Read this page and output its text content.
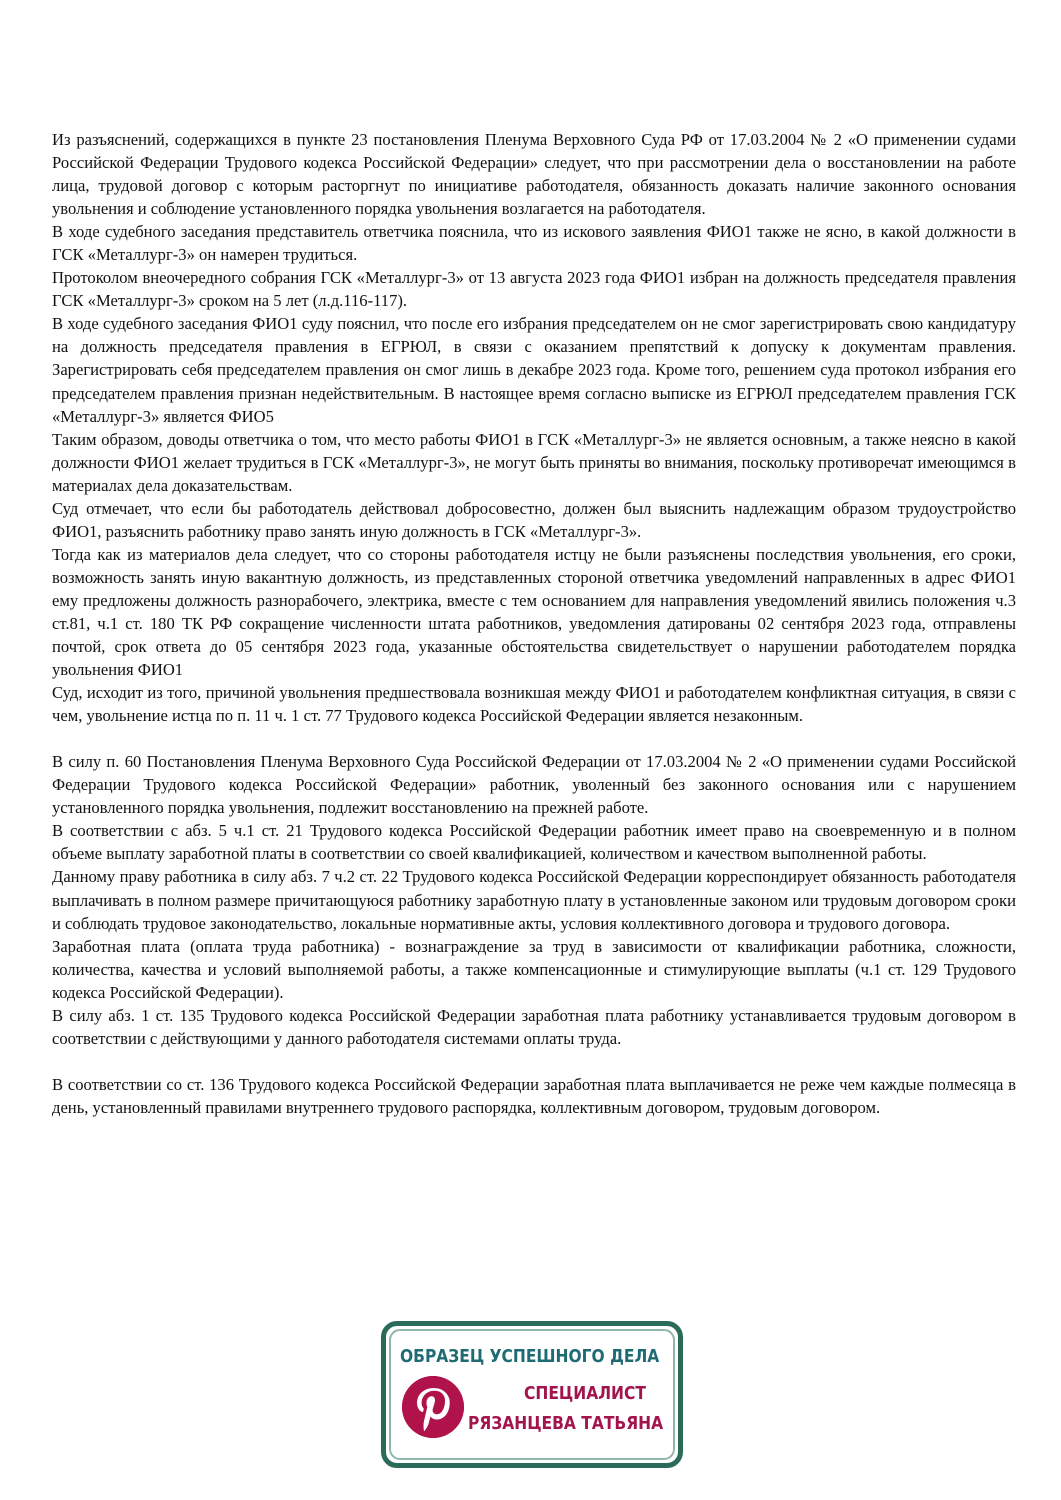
Из разъяснений, содержащихся в пункте 23 постановления Пленума Верховного Суда РФ от 17.03.2004 № 2 «О применении судами Российской Федерации Трудового кодекса Российской Федерации» следует, что при рассмотрении дела о восстановлении на работе лица, трудовой договор с которым расторгнут по инициативе работодателя, обязанность доказать наличие законного основания увольнения и соблюдение установленного порядка увольнения возлагается на работодателя.

В ходе судебного заседания представитель ответчика пояснила, что из искового заявления ФИО1 также не ясно, в какой должности в ГСК «Металлург-3» он намерен трудиться.

Протоколом внеочередного собрания ГСК «Металлург-3» от 13 августа 2023 года ФИО1 избран на должность председателя правления ГСК «Металлург-3» сроком на 5 лет (л.д.116-117).

В ходе судебного заседания ФИО1 суду пояснил, что после его избрания председателем он не смог зарегистрировать свою кандидатуру на должность председателя правления в ЕГРЮЛ, в связи с оказанием препятствий к допуску к документам правления. Зарегистрировать себя председателем правления он смог лишь в декабре 2023 года. Кроме того, решением суда протокол избрания его председателем правления признан недействительным. В настоящее время согласно выписке из ЕГРЮЛ председателем правления ГСК «Металлург-3» является ФИО5

Таким образом, доводы ответчика о том, что место работы ФИО1 в ГСК «Металлург-3» не является основным, а также неясно в какой должности ФИО1 желает трудиться в ГСК «Металлург-3», не могут быть приняты во внимания, поскольку противоречат имеющимся в материалах дела доказательствам.

Суд отмечает, что если бы работодатель действовал добросовестно, должен был выяснить надлежащим образом трудоустройство ФИО1, разъяснить работнику право занять иную должность в ГСК «Металлург-3».

Тогда как из материалов дела следует, что со стороны работодателя истцу не были разъяснены последствия увольнения, его сроки, возможность занять иную вакантную должность, из представленных стороной ответчика уведомлений направленных в адрес ФИО1 ему предложены должность разнорабочего, электрика, вместе с тем основанием для направления уведомлений явились положения ч.3 ст.81, ч.1 ст. 180 ТК РФ сокращение численности штата работников, уведомления датированы 02 сентября 2023 года, отправлены почтой, срок ответа до 05 сентября 2023 года, указанные обстоятельства свидетельствует о нарушении работодателем порядка увольнения ФИО1

Суд, исходит из того, причиной увольнения предшествовала возникшая между ФИО1 и работодателем конфликтная ситуация, в связи с чем, увольнение истца по п. 11 ч. 1 ст. 77 Трудового кодекса Российской Федерации является незаконным.

В силу п. 60 Постановления Пленума Верховного Суда Российской Федерации от 17.03.2004 № 2 «О применении судами Российской Федерации Трудового кодекса Российской Федерации» работник, уволенный без законного основания или с нарушением установленного порядка увольнения, подлежит восстановлению на прежней работе.

В соответствии с абз. 5 ч.1 ст. 21 Трудового кодекса Российской Федерации работник имеет право на своевременную и в полном объеме выплату заработной платы в соответствии со своей квалификацией, количеством и качеством выполненной работы.

Данному праву работника в силу абз. 7 ч.2 ст. 22 Трудового кодекса Российской Федерации корреспондирует обязанность работодателя выплачивать в полном размере причитающуюся работнику заработную плату в установленные законом или трудовым договором сроки и соблюдать трудовое законодательство, локальные нормативные акты, условия коллективного договора и трудового договора.

Заработная плата (оплата труда работника) - вознаграждение за труд в зависимости от квалификации работника, сложности, количества, качества и условий выполняемой работы, а также компенсационные и стимулирующие выплаты (ч.1 ст. 129 Трудового кодекса Российской Федерации).

В силу абз. 1 ст. 135 Трудового кодекса Российской Федерации заработная плата работнику устанавливается трудовым договором в соответствии с действующими у данного работодателя системами оплаты труда.

В соответствии со ст. 136 Трудового кодекса Российской Федерации заработная плата выплачивается не реже чем каждые полмесяца в день, установленный правилами внутреннего трудового распорядка, коллективным договором, трудовым договором.

ОБРАЗЕЦ УСПЕШНОГО ДЕЛА
СПЕЦИАЛИСТ
РЯЗАНЦЕВА ТАТЬЯНА
